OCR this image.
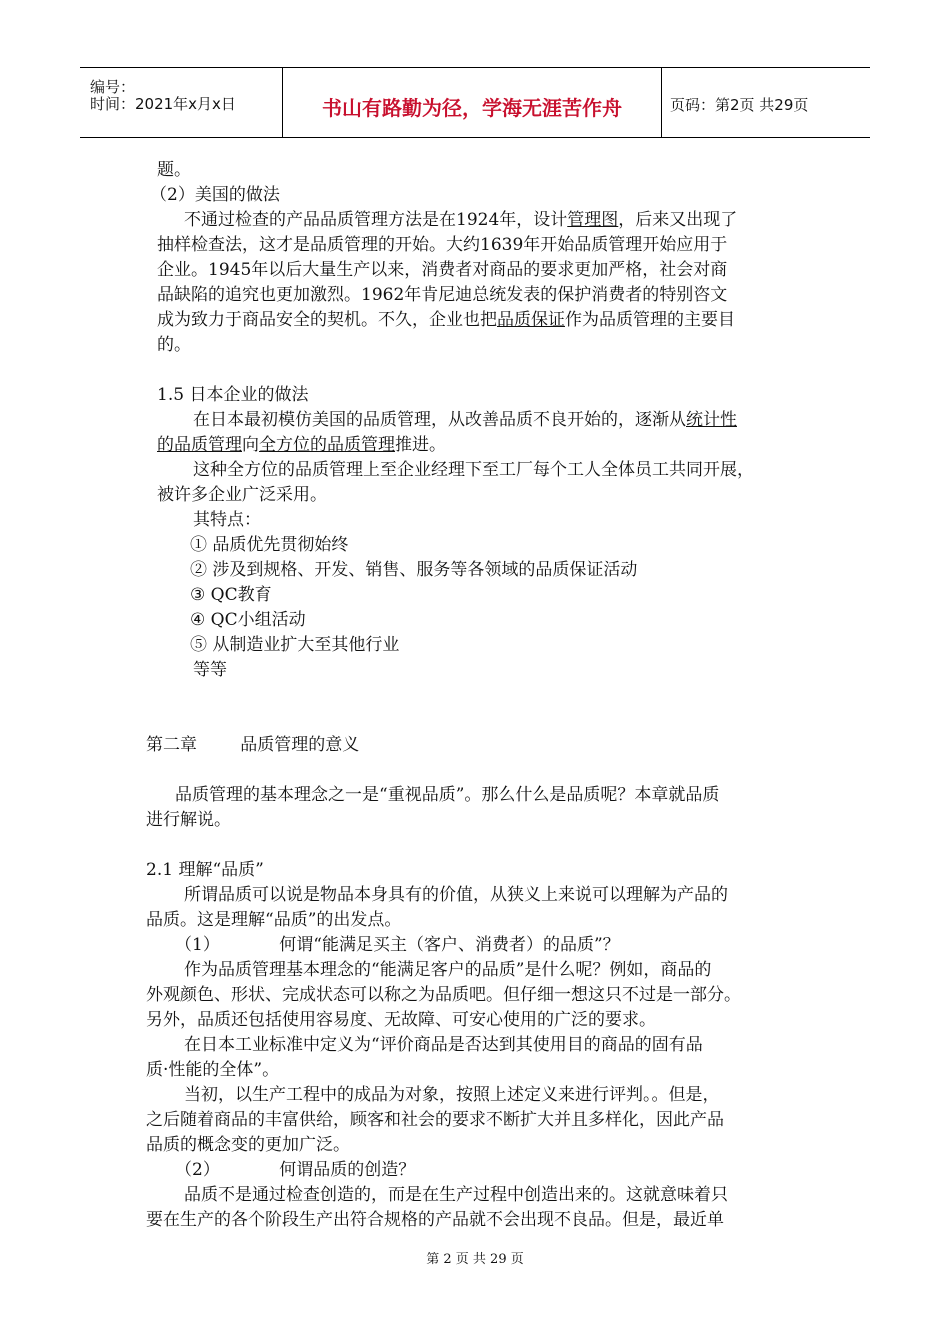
编号：
时间：2021年x月x日	书山有路勤为径，学海无涯苦作舟	页码：第2页 共29页
题。
（2）美国的做法
不通过检查的产品品质管理方法是在1924年，设计管理图，后来又出现了
抽样检查法，这才是品质管理的开始。大约1639年开始品质管理开始应用于
企业。1945年以后大量生产以来，消费者对商品的要求更加严格，社会对商
品缺陷的追究也更加激烈。1962年肯尼迪总统发表的保护消费者的特别咨文
成为致力于商品安全的契机。不久，企业也把品质保证作为品质管理的主要目
的。
1.5 日本企业的做法
在日本最初模仿美国的品质管理，从改善品质不良开始的，逐渐从统计性
的品质管理向全方位的品质管理推进。
这种全方位的品质管理上至企业经理下至工厂每个工人全体员工共同开展，
被许多企业广泛采用。
其特点：
① 品质优先贯彻始终
② 涉及到规格、开发、销售、服务等各领域的品质保证活动
③ QC教育
④ QC小组活动
⑤ 从制造业扩大至其他行业
等等
第二章        品质管理的意义
品质管理的基本理念之一是“重视品质”。那么什么是品质呢？本章就品质
进行解说。
2.1 理解“品质”
所谓品质可以说是物品本身具有的价值，从狭义上来说可以理解为产品的
品质。这是理解“品质”的出发点。
（1）           何谓“能满足买主（客户、消费者）的品质”？
作为品质管理基本理念的“能满足客户的品质”是什么呢？例如，商品的
外观颜色、形状、完成状态可以称之为品质吧。但仔细一想这只不过是一部分。
另外，品质还包括使用容易度、无故障、可安心使用的广泛的要求。
在日本工业标准中定义为“评价商品是否达到其使用目的商品的固有品
质·性能的全体”。
当初，以生产工程中的成品为对象，按照上述定义来进行评判。。但是，
之后随着商品的丰富供给，顾客和社会的要求不断扩大并且多样化，因此产品
品质的概念变的更加广泛。
（2）           何谓品质的创造？
品质不是通过检查创造的，而是在生产过程中创造出来的。这就意味着只
要在生产的各个阶段生产出符合规格的产品就不会出现不良品。但是，最近单
第 2 页 共 29 页
